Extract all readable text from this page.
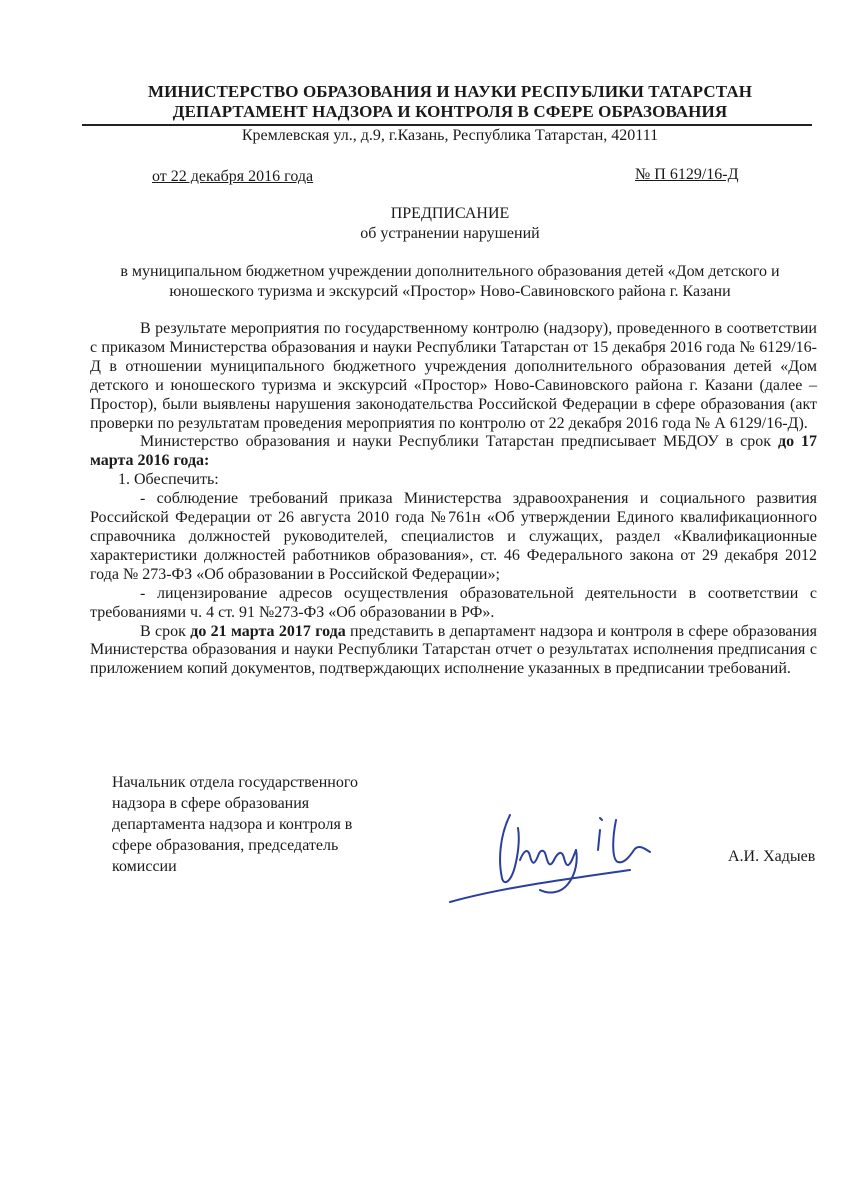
МИНИСТЕРСТВО ОБРАЗОВАНИЯ И НАУКИ РЕСПУБЛИКИ ТАТАРСТАН
ДЕПАРТАМЕНТ НАДЗОРА И КОНТРОЛЯ В СФЕРЕ ОБРАЗОВАНИЯ
Кремлевская ул., д.9, г.Казань, Республика Татарстан, 420111
от 22 декабря 2016 года	№ П 6129/16-Д
ПРЕДПИСАНИЕ
об устранении нарушений
в муниципальном бюджетном учреждении дополнительного образования детей «Дом детского и юношеского туризма и экскурсий «Простор» Ново-Савиновского района г. Казани

В результате мероприятия по государственному контролю (надзору), проведенного в соответствии с приказом Министерства образования и науки Республики Татарстан от 15 декабря 2016 года № 6129/16-Д в отношении муниципального бюджетного учреждения дополнительного образования детей «Дом детского и юношеского туризма и экскурсий «Простор» Ново-Савиновского района г. Казани (далее – Простор), были выявлены нарушения законодательства Российской Федерации в сфере образования (акт проверки по результатам проведения мероприятия по контролю от 22 декабря 2016 года № А 6129/16-Д).

Министерство образования и науки Республики Татарстан предписывает МБДОУ в срок до 17 марта 2016 года:

1. Обеспечить:

- соблюдение требований приказа Министерства здравоохранения и социального развития Российской Федерации от 26 августа 2010 года №761н «Об утверждении Единого квалификационного справочника должностей руководителей, специалистов и служащих, раздел «Квалификационные характеристики должностей работников образования», ст. 46 Федерального закона от 29 декабря 2012 года № 273-ФЗ «Об образовании в Российской Федерации»;

- лицензирование адресов осуществления образовательной деятельности в соответствии с требованиями ч. 4 ст. 91 №273-ФЗ «Об образовании в РФ».

В срок до 21 марта 2017 года представить в департамент надзора и контроля в сфере образования Министерства образования и науки Республики Татарстан отчет о результатах исполнения предписания с приложением копий документов, подтверждающих исполнение указанных в предписании требований.

Начальник отдела государственного надзора в сфере образования департамента надзора и контроля в сфере образования, председатель комиссии
А.И. Хадыев
